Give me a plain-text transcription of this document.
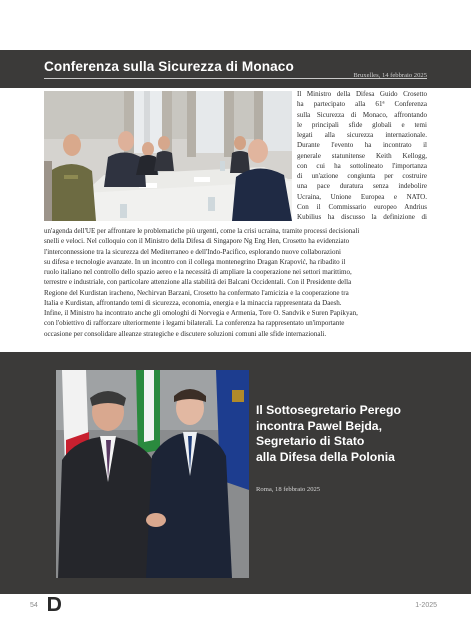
Conferenza sulla Sicurezza di Monaco
Bruxelles, 14 febbraio 2025

Il Ministro della Difesa Guido Crosetto

ha partecipato alla 61ª Conferenza

sulla Sicurezza di Monaco, affrontando

le principali sfide globali e temi

legati alla sicurezza internazionale.

Durante l'evento ha incontrato il

generale statunitense Keith Kellogg,

con cui ha sottolineato l'importanza

di un'azione congiunta per costruire

una pace duratura senza indebolire

Ucraina, Unione Europea e NATO.

Con il Commissario europeo Andrius

Kubilius ha discusso la definizione di

un'agenda dell'UE per affrontare le problematiche più urgenti, come la crisi ucraina, tramite processi decisionali

snelli e veloci. Nel colloquio con il Ministro della Difesa di Singapore Ng Eng Hen, Crosetto ha evidenziato

l'interconnessione tra la sicurezza del Mediterraneo e dell'Indo-Pacifico, esplorando nuove collaborazioni

su difesa e tecnologie avanzate. In un incontro con il collega montenegrino Dragan Krapović, ha ribadito il

ruolo italiano nel controllo dello spazio aereo e la necessità di ampliare la cooperazione nei settori marittimo,

terrestre e industriale, con particolare attenzione alla stabilità dei Balcani Occidentali. Con il Presidente della

Regione del Kurdistan iracheno, Nechirvan Barzani, Crosetto ha confermato l'amicizia e la cooperazione tra

Italia e Kurdistan, affrontando temi di sicurezza, economia, energia e la minaccia rappresentata da Daesh.

Infine, il Ministro ha incontrato anche gli omologhi di Norvegia e Armenia, Tore O. Sandvik e Suren Papikyan,

con l'obiettivo di rafforzare ulteriormente i legami bilaterali. La conferenza ha rappresentato un'importante

occasione per consolidare alleanze strategiche e discutere soluzioni comuni alle sfide internazionali.

Il Sottosegretario Perego
incontra Pawel Bejda,
Segretario di Stato
alla Difesa della Polonia
Roma, 18 febbraio 2025
54	1-2025
